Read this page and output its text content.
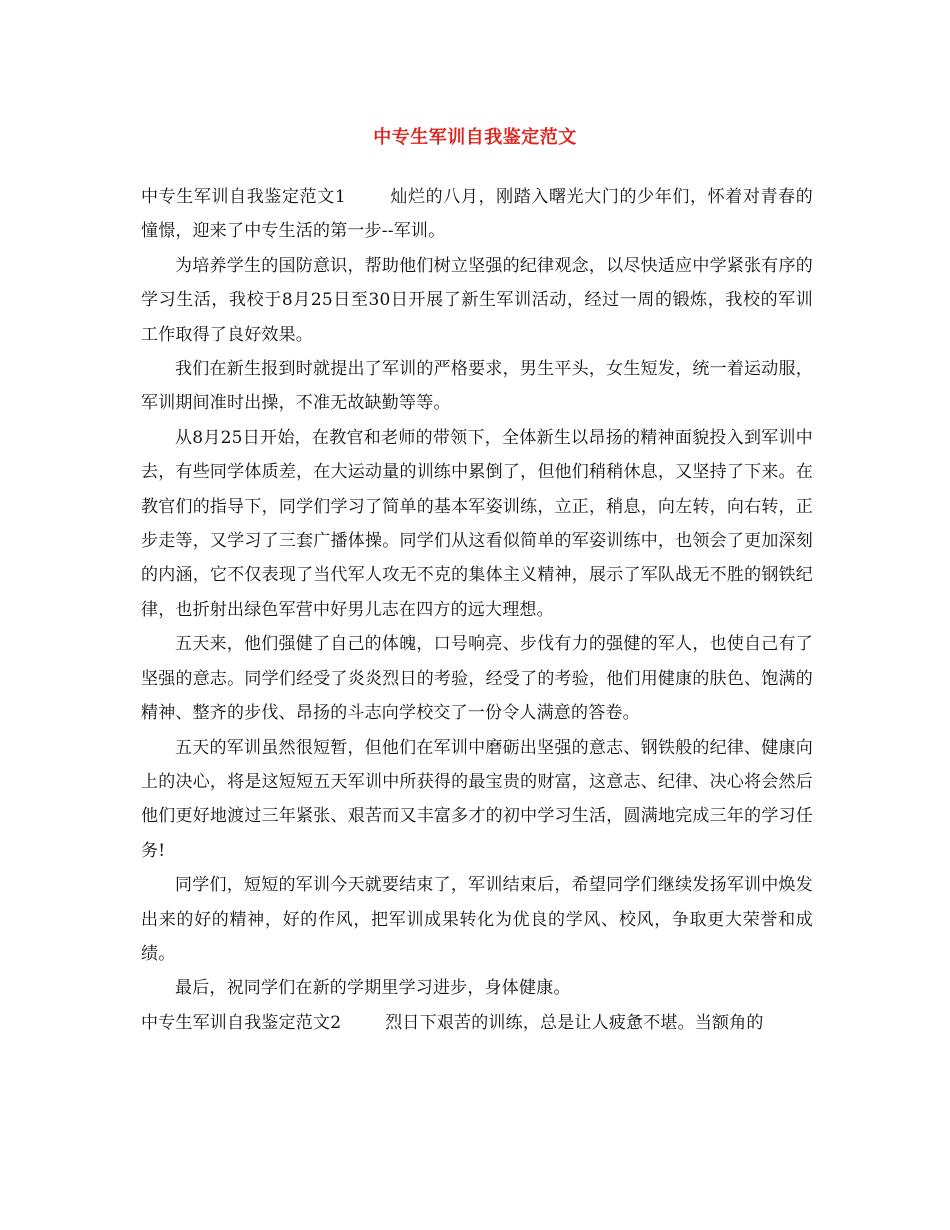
中专生军训自我鉴定范文

中专生军训自我鉴定范文1	灿烂的八月，刚踏入曙光大门的少年们，怀着对青春的憧憬，迎来了中专生活的第一步--军训。

为培养学生的国防意识，帮助他们树立坚强的纪律观念，以尽快适应中学紧张有序的学习生活，我校于8月25日至30日开展了新生军训活动，经过一周的锻炼，我校的军训工作取得了良好效果。

我们在新生报到时就提出了军训的严格要求，男生平头，女生短发，统一着运动服，军训期间准时出操，不准无故缺勤等等。

从8月25日开始，在教官和老师的带领下，全体新生以昂扬的精神面貌投入到军训中去，有些同学体质差，在大运动量的训练中累倒了，但他们稍稍休息，又坚持了下来。在教官们的指导下，同学们学习了简单的基本军姿训练，立正，稍息，向左转，向右转，正步走等，又学习了三套广播体操。同学们从这看似简单的军姿训练中，也领会了更加深刻的内涵，它不仅表现了当代军人攻无不克的集体主义精神，展示了军队战无不胜的钢铁纪律，也折射出绿色军营中好男儿志在四方的远大理想。

五天来，他们强健了自己的体魄，口号响亮、步伐有力的强健的军人，也使自己有了坚强的意志。同学们经受了炎炎烈日的考验，经受了的考验，他们用健康的肤色、饱满的精神、整齐的步伐、昂扬的斗志向学校交了一份令人满意的答卷。

五天的军训虽然很短暂，但他们在军训中磨砺出坚强的意志、钢铁般的纪律、健康向上的决心，将是这短短五天军训中所获得的最宝贵的财富，这意志、纪律、决心将会然后他们更好地渡过三年紧张、艰苦而又丰富多才的初中学习生活，圆满地完成三年的学习任务!

同学们，短短的军训今天就要结束了，军训结束后，希望同学们继续发扬军训中焕发出来的好的精神，好的作风，把军训成果转化为优良的学风、校风，争取更大荣誉和成绩。

最后，祝同学们在新的学期里学习进步，身体健康。

中专生军训自我鉴定范文2	烈日下艰苦的训练，总是让人疲惫不堪。当额角的
